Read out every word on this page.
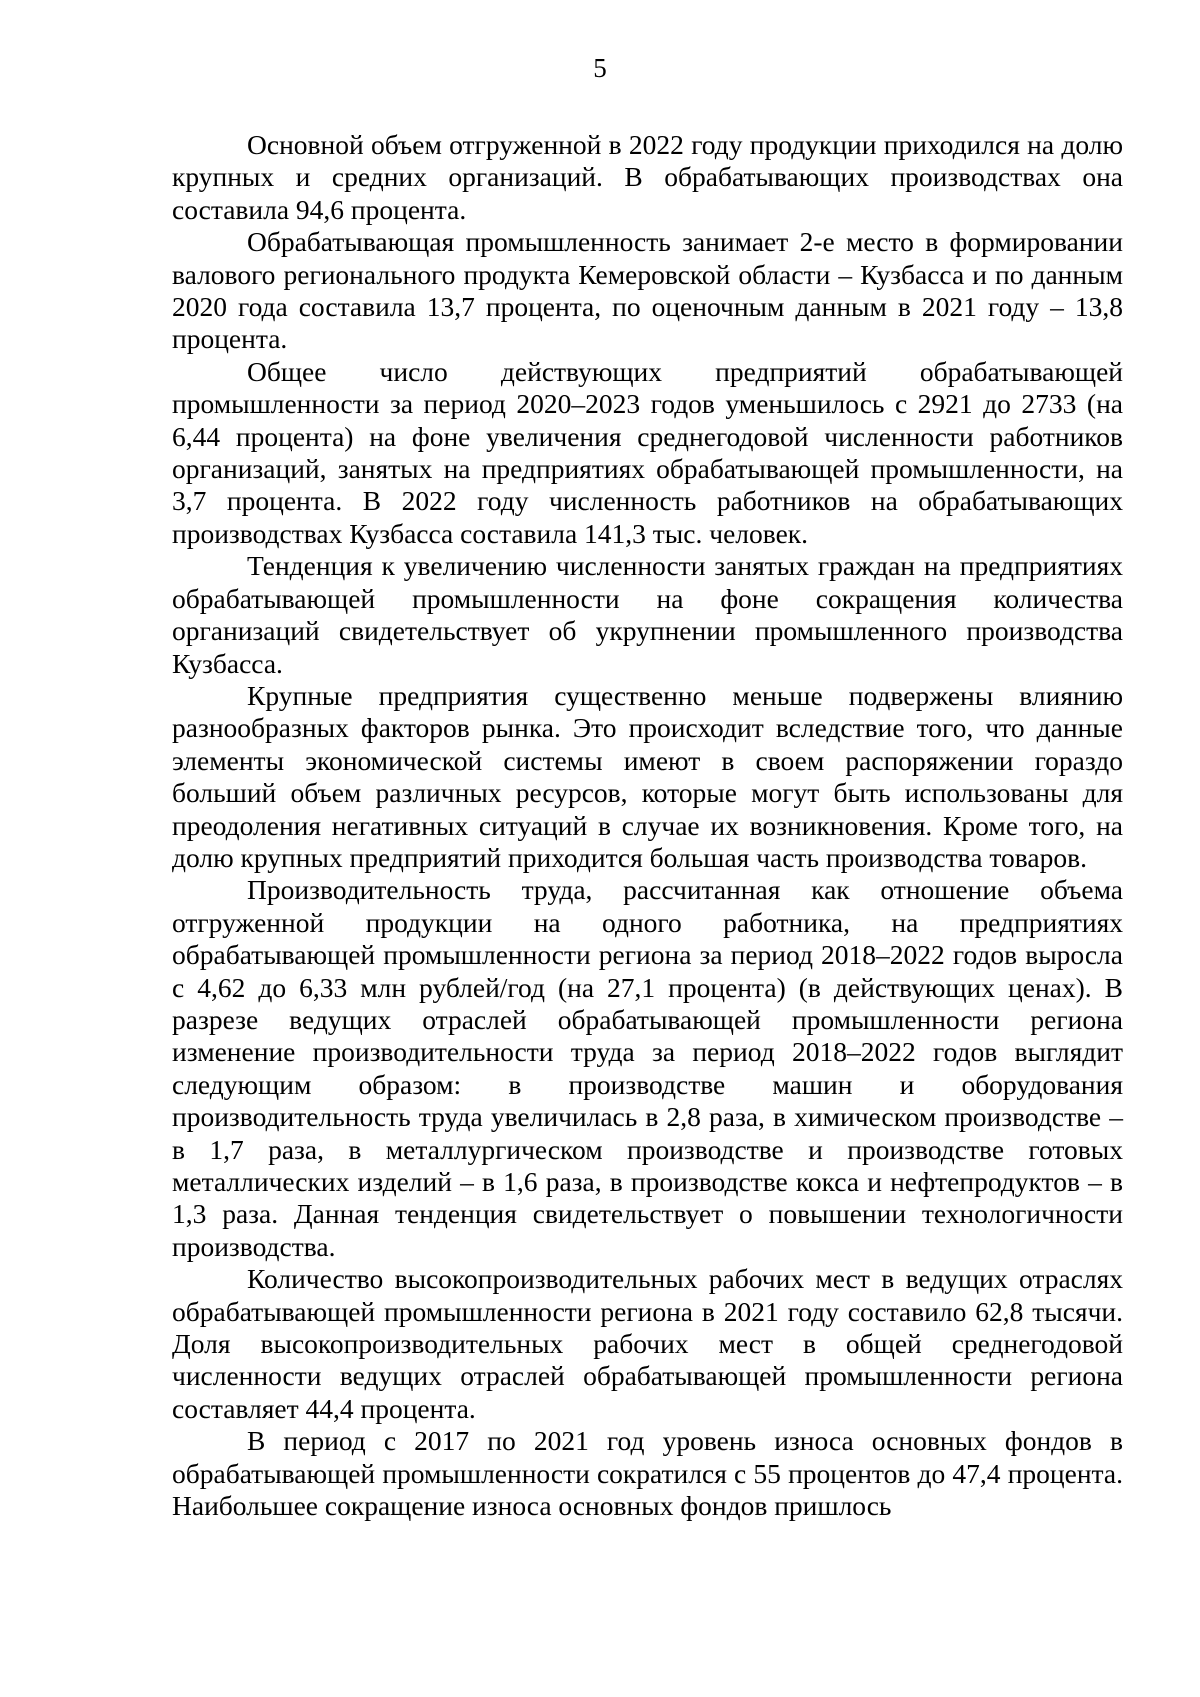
5

Основной объем отгруженной в 2022 году продукции приходился на долю крупных и средних организаций. В обрабатывающих производствах она составила 94,6 процента.

Обрабатывающая промышленность занимает 2-е место в формировании валового регионального продукта Кемеровской области – Кузбасса и по данным 2020 года составила 13,7 процента, по оценочным данным в 2021 году – 13,8 процента.

Общее число действующих предприятий обрабатывающей промышленности за период 2020–2023 годов уменьшилось с 2921 до 2733 (на 6,44 процента) на фоне увеличения среднегодовой численности работников организаций, занятых на предприятиях обрабатывающей промышленности, на 3,7 процента. В 2022 году численность работников на обрабатывающих производствах Кузбасса составила 141,3 тыс. человек.

Тенденция к увеличению численности занятых граждан на предприятиях обрабатывающей промышленности на фоне сокращения количества организаций свидетельствует об укрупнении промышленного производства Кузбасса.

Крупные предприятия существенно меньше подвержены влиянию разнообразных факторов рынка. Это происходит вследствие того, что данные элементы экономической системы имеют в своем распоряжении гораздо больший объем различных ресурсов, которые могут быть использованы для преодоления негативных ситуаций в случае их возникновения. Кроме того, на долю крупных предприятий приходится большая часть производства товаров.

Производительность труда, рассчитанная как отношение объема отгруженной продукции на одного работника, на предприятиях обрабатывающей промышленности региона за период 2018–2022 годов выросла с 4,62 до 6,33 млн рублей/год (на 27,1 процента) (в действующих ценах). В разрезе ведущих отраслей обрабатывающей промышленности региона изменение производительности труда за период 2018–2022 годов выглядит следующим образом: в производстве машин и оборудования производительность труда увеличилась в 2,8 раза, в химическом производстве – в 1,7 раза, в металлургическом производстве и производстве готовых металлических изделий – в 1,6 раза, в производстве кокса и нефтепродуктов – в 1,3 раза. Данная тенденция свидетельствует о повышении технологичности производства.

Количество высокопроизводительных рабочих мест в ведущих отраслях обрабатывающей промышленности региона в 2021 году составило 62,8 тысячи. Доля высокопроизводительных рабочих мест в общей среднегодовой численности ведущих отраслей обрабатывающей промышленности региона составляет 44,4 процента.

В период с 2017 по 2021 год уровень износа основных фондов в обрабатывающей промышленности сократился с 55 процентов до 47,4 процента. Наибольшее сокращение износа основных фондов пришлось
